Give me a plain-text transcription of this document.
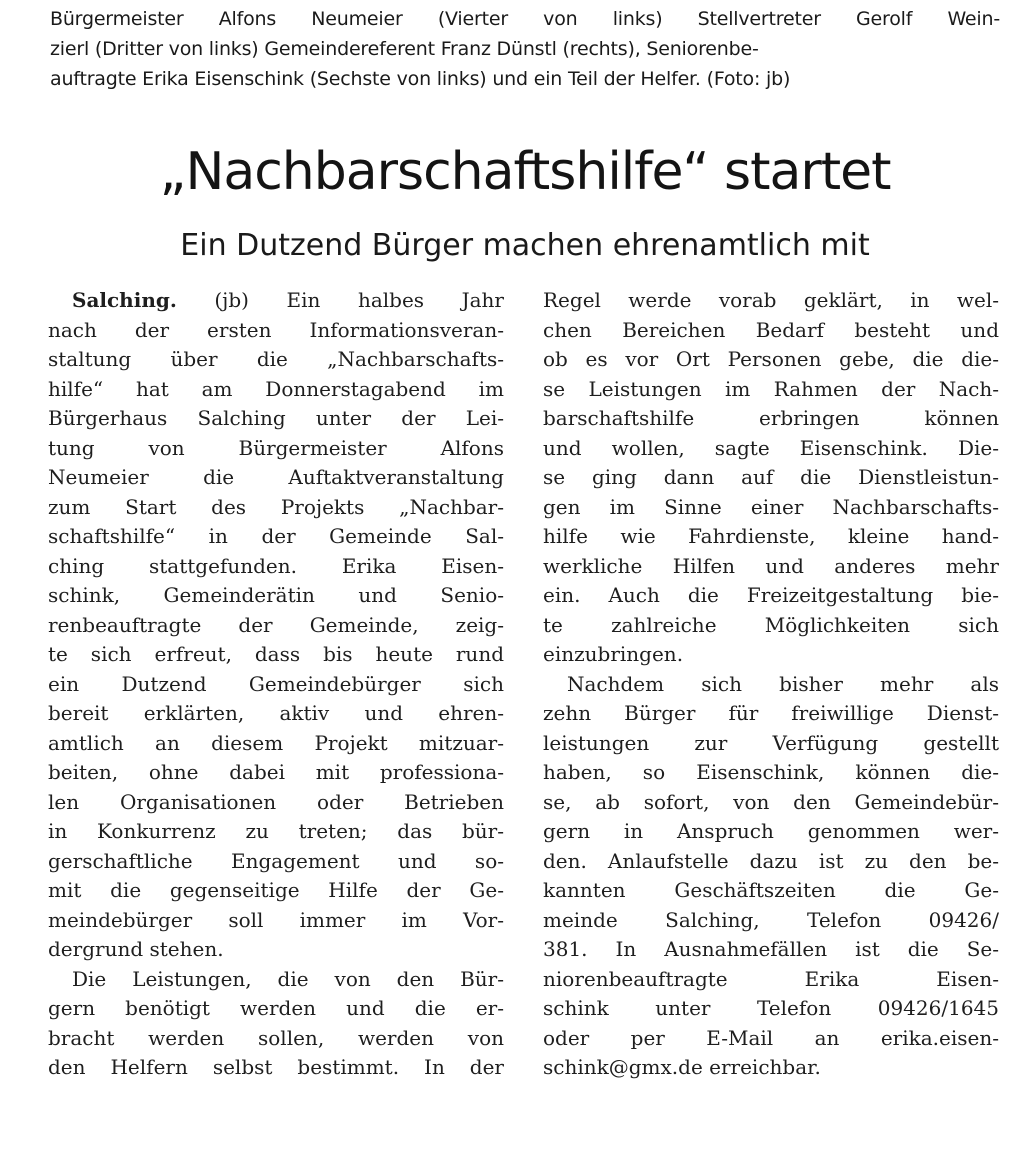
Bürgermeister Alfons Neumeier (Vierter von links) Stellvertreter Gerolf Wein-
zierl (Dritter von links) Gemeindereferent Franz Dünstl (rechts), Seniorenbe-
auftragte Erika Eisenschink (Sechste von links) und ein Teil der Helfer. (Foto: jb)
„Nachbarschaftshilfe“ startet
Ein Dutzend Bürger machen ehrenamtlich mit
Salching. (jb) Ein halbes Jahr
nach der ersten Informationsveran-
staltung über die „Nachbarschafts-
hilfe“ hat am Donnerstagabend im
Bürgerhaus Salching unter der Lei-
tung von Bürgermeister Alfons
Neumeier die Auftaktveranstaltung
zum Start des Projekts „Nachbar-
schaftshilfe“ in der Gemeinde Sal-
ching stattgefunden. Erika Eisen-
schink, Gemeinderätin und Senio-
renbeauftragte der Gemeinde, zeig-
te sich erfreut, dass bis heute rund
ein Dutzend Gemeindebürger sich
bereit erklärten, aktiv und ehren-
amtlich an diesem Projekt mitzuar-
beiten, ohne dabei mit professiona-
len Organisationen oder Betrieben
in Konkurrenz zu treten; das bür-
gerschaftliche Engagement und so-
mit die gegenseitige Hilfe der Ge-
meindebürger soll immer im Vor-
dergrund stehen.
Die Leistungen, die von den Bür-
gern benötigt werden und die er-
bracht werden sollen, werden von
den Helfern selbst bestimmt. In der
Regel werde vorab geklärt, in wel-
chen Bereichen Bedarf besteht und
ob es vor Ort Personen gebe, die die-
se Leistungen im Rahmen der Nach-
barschaftshilfe erbringen können
und wollen, sagte Eisenschink. Die-
se ging dann auf die Dienstleistun-
gen im Sinne einer Nachbarschafts-
hilfe wie Fahrdienste, kleine hand-
werkliche Hilfen und anderes mehr
ein. Auch die Freizeitgestaltung bie-
te zahlreiche Möglichkeiten sich
einzubringen.
Nachdem sich bisher mehr als
zehn Bürger für freiwillige Dienst-
leistungen zur Verfügung gestellt
haben, so Eisenschink, können die-
se, ab sofort, von den Gemeindebür-
gern in Anspruch genommen wer-
den. Anlaufstelle dazu ist zu den be-
kannten Geschäftszeiten die Ge-
meinde Salching, Telefon 09426/
381. In Ausnahmefällen ist die Se-
niorenbeauftragte Erika Eisen-
schink unter Telefon 09426/1645
oder per E-Mail an erika.eisen-
schink@gmx.de erreichbar.
